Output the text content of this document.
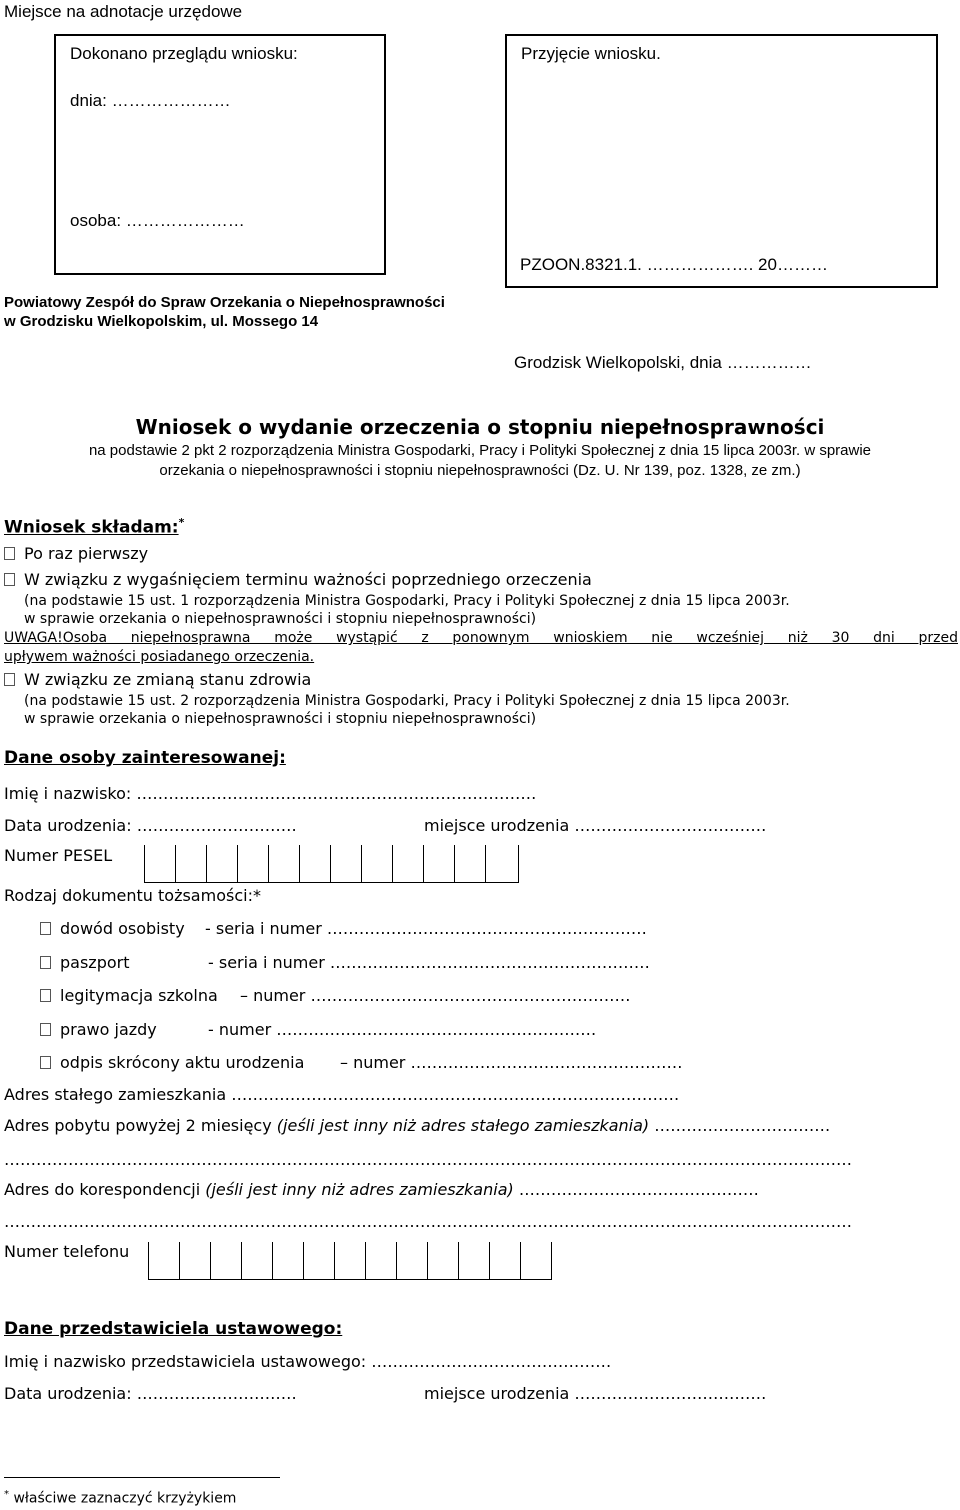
Miejsce na adnotacje urzędowe
Dokonano przeglądu wniosku:
dnia: …………………
osoba: …………………
Przyjęcie wniosku.
PZOON.8321.1. ………………. 20………
Powiatowy Zespół do Spraw Orzekania o Niepełnosprawności
w Grodzisku Wielkopolskim, ul. Mossego 14
Grodzisk Wielkopolski, dnia ……………
Wniosek o wydanie orzeczenia o stopniu niepełnosprawności
na podstawie 2 pkt 2 rozporządzenia Ministra Gospodarki, Pracy i Polityki Społecznej z dnia 15 lipca 2003r. w sprawie
orzekania o niepełnosprawności i stopniu niepełnosprawności (Dz. U. Nr 139, poz. 1328, ze zm.)
Wniosek składam:*
Po raz pierwszy
W związku z wygaśnięciem terminu ważności poprzedniego orzeczenia
(na podstawie 15 ust. 1 rozporządzenia Ministra Gospodarki, Pracy i Polityki Społecznej z dnia 15 lipca 2003r.
w sprawie orzekania o niepełnosprawności i stopniu niepełnosprawności)
UWAGA! Osoba niepełnosprawna może wystąpić z ponownym wnioskiem nie wcześniej niż 30 dni przed
upływem ważności posiadanego orzeczenia.
W związku ze zmianą stanu zdrowia
(na podstawie 15 ust. 2 rozporządzenia Ministra Gospodarki, Pracy i Polityki Społecznej z dnia 15 lipca 2003r.
w sprawie orzekania o niepełnosprawności i stopniu niepełnosprawności)
Dane osoby zainteresowanej:
Imię i nazwisko: …………………………………………………………………
Data urodzenia: …………………………	miejsce urodzenia ………………………………
Numer PESEL
Rodzaj dokumentu tożsamości:*
dowód osobisty - seria i numer ……………………………………………………
paszport	- seria i numer ……………………………………………………
legitymacja szkolna – numer ……………………………………………………
prawo jazdy	- numer ……………………………………………………
odpis skrócony aktu urodzenia – numer ……………………………………………
Adres stałego zamieszkania …………………………………………………………………………
Adres pobytu powyżej 2 miesięcy (jeśli jest inny niż adres stałego zamieszkania) ……………………………
……………………………………………………………………………………………………………………………………………
Adres do korespondencji (jeśli jest inny niż adres zamieszkania) ………………………………………
……………………………………………………………………………………………………………………………………………
Numer telefonu
Dane przedstawiciela ustawowego:
Imię i nazwisko przedstawiciela ustawowego: ………………………………………
Data urodzenia: …………………………	miejsce urodzenia ………………………………
* właściwe zaznaczyć krzyżykiem
